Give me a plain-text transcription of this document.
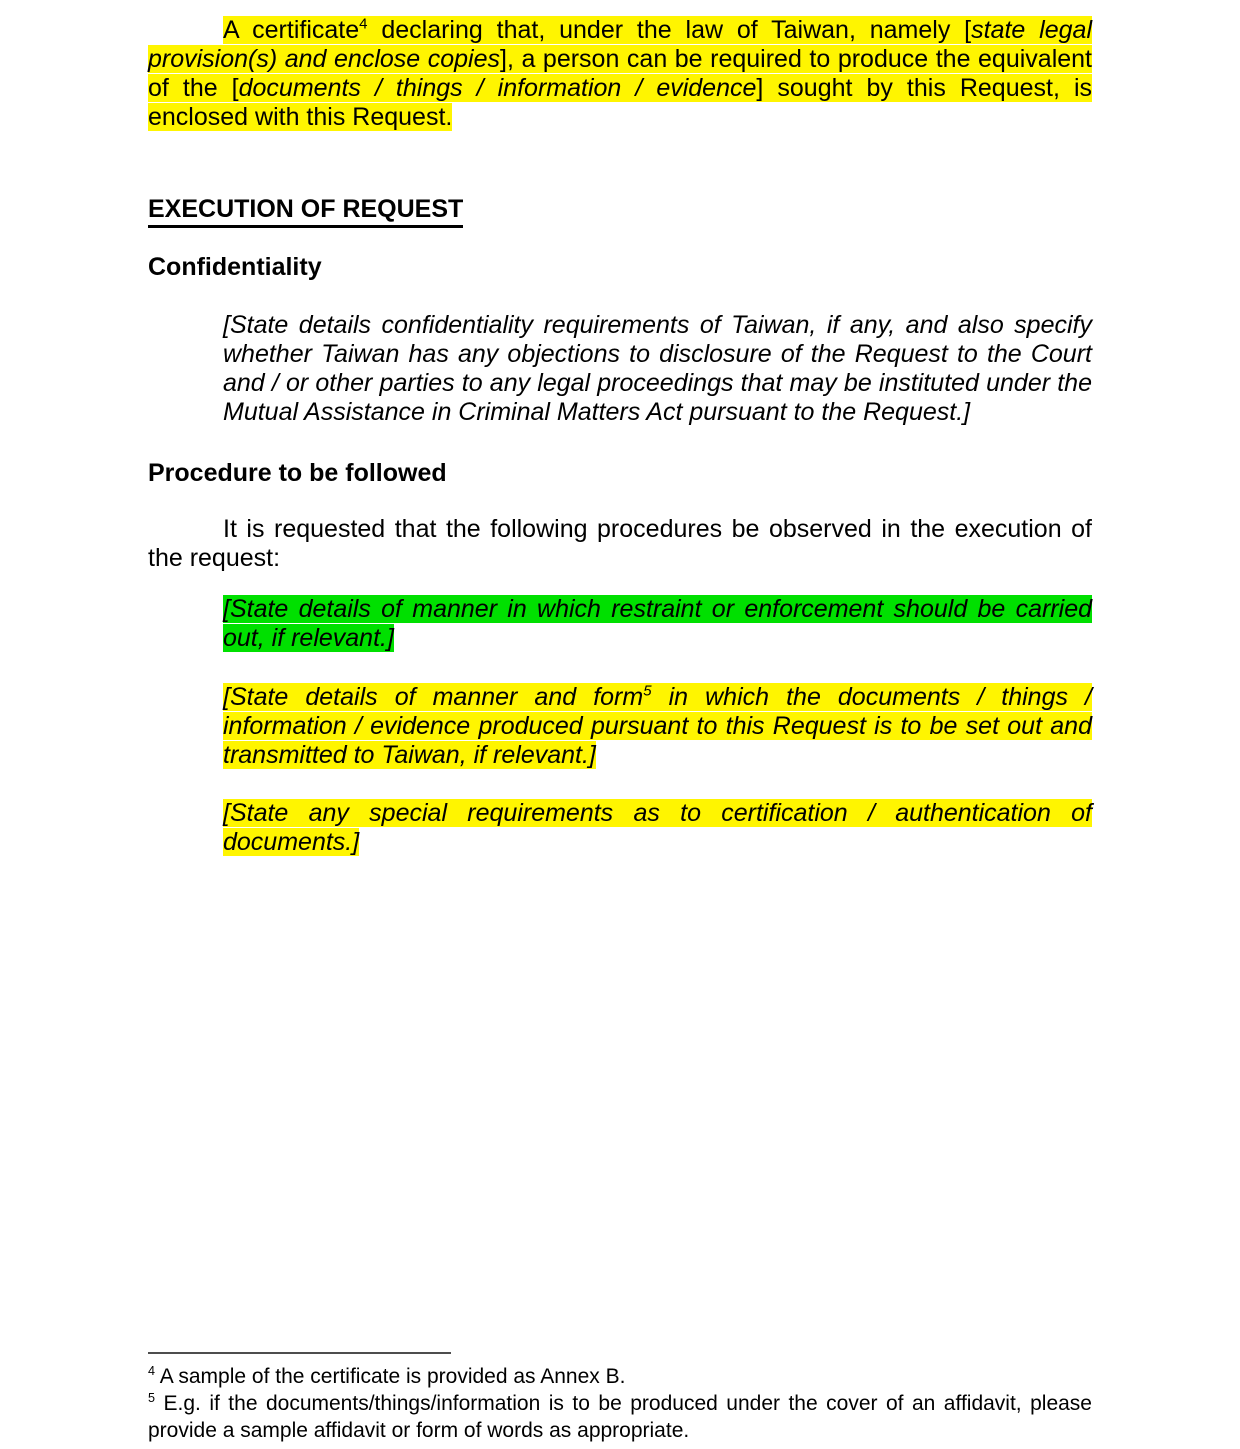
A certificate$^4$ declaring that, under the law of Taiwan, namely [state legal provision(s) and enclose copies], a person can be required to produce the equivalent of the [documents / things / information / evidence] sought by this Request, is enclosed with this Request.

EXECUTION OF REQUEST
Confidentiality

[State details confidentiality requirements of Taiwan, if any, and also specify whether Taiwan has any objections to disclosure of the Request to the Court and / or other parties to any legal proceedings that may be instituted under the Mutual Assistance in Criminal Matters Act pursuant to the Request.]

Procedure to be followed

It is requested that the following procedures be observed in the execution of the request:

[State details of manner in which restraint or enforcement should be carried out, if relevant.]

[State details of manner and form$^5$ in which the documents / things / information / evidence produced pursuant to this Request is to be set out and transmitted to Taiwan, if relevant.]

[State any special requirements as to certification / authentication of documents.]

$^4$ A sample of the certificate is provided as Annex B.

$^5$ E.g. if the documents/things/information is to be produced under the cover of an affidavit, please provide a sample affidavit or form of words as appropriate.
